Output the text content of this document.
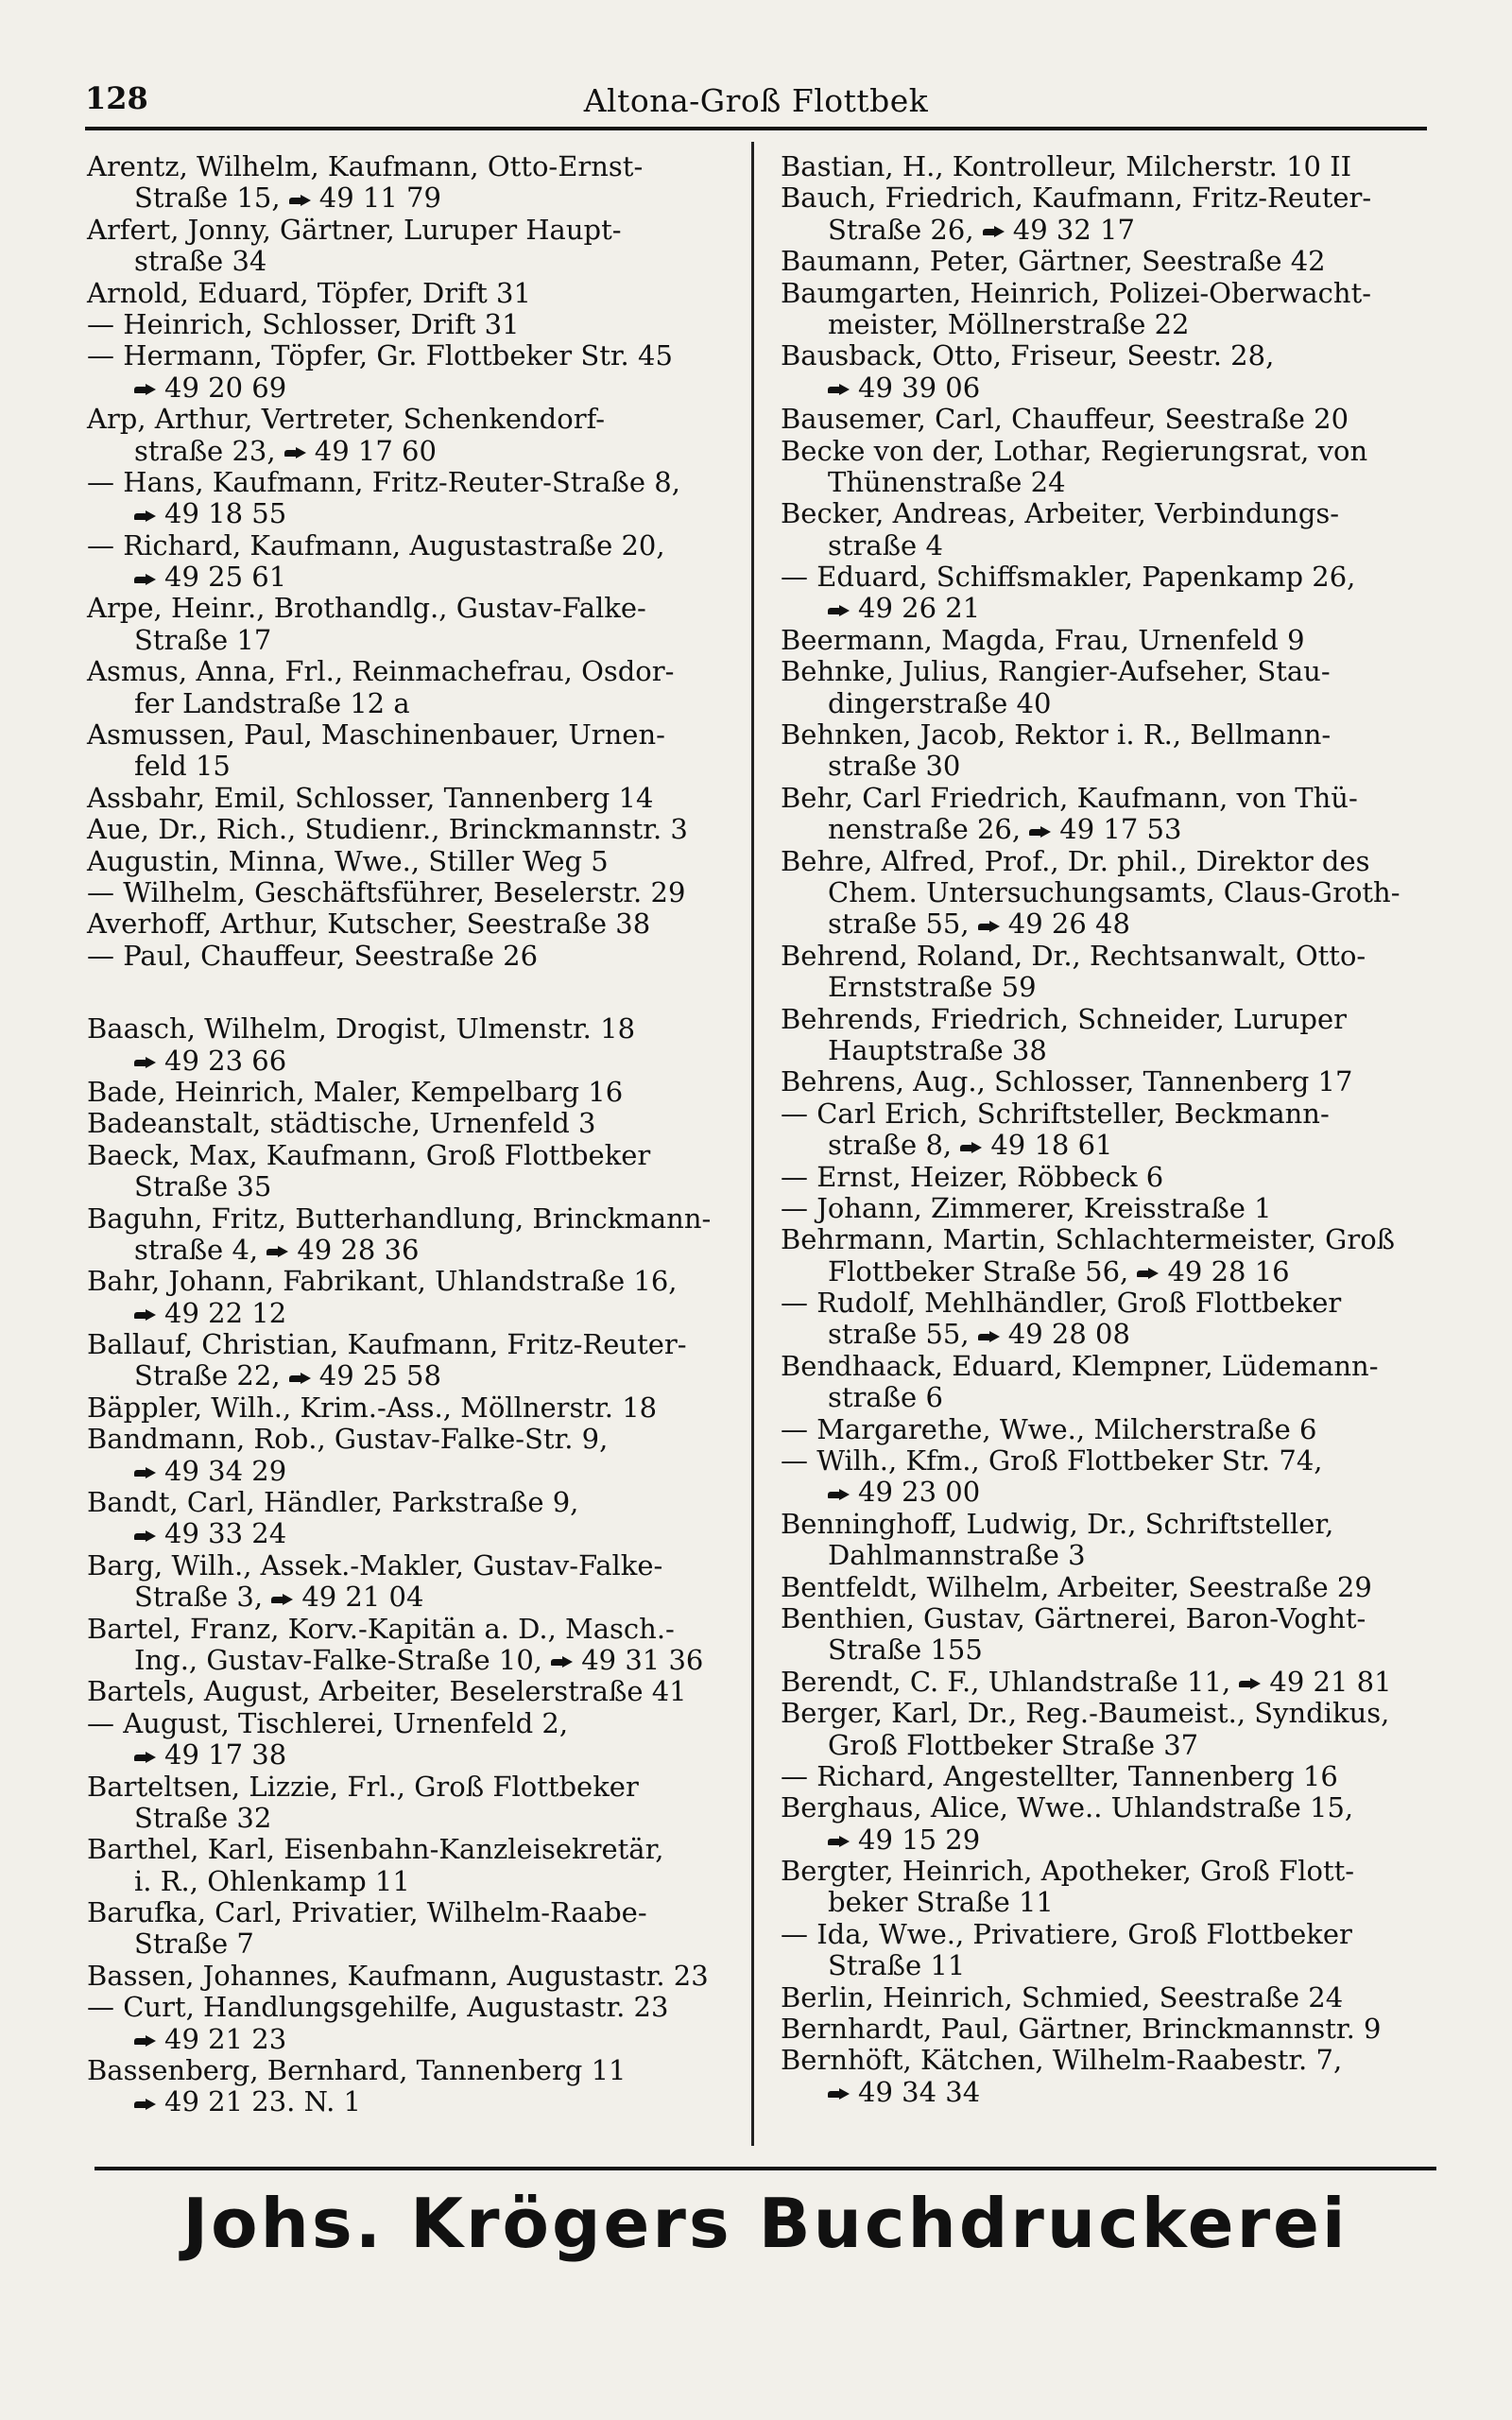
128	Altona-Groß Flottbek
Arentz, Wilhelm, Kaufmann, Otto-Ernst-
Straße 15, 49 11 79
Arfert, Jonny, Gärtner, Luruper Haupt-
straße 34
Arnold, Eduard, Töpfer, Drift 31
— Heinrich, Schlosser, Drift 31
— Hermann, Töpfer, Gr. Flottbeker Str. 45
49 20 69
Arp, Arthur, Vertreter, Schenkendorf-
straße 23, 49 17 60
— Hans, Kaufmann, Fritz-Reuter-Straße 8,
49 18 55
— Richard, Kaufmann, Augustastraße 20,
49 25 61
Arpe, Heinr., Brothandlg., Gustav-Falke-
Straße 17
Asmus, Anna, Frl., Reinmachefrau, Osdor-
fer Landstraße 12 a
Asmussen, Paul, Maschinenbauer, Urnen-
feld 15
Assbahr, Emil, Schlosser, Tannenberg 14
Aue, Dr., Rich., Studienr., Brinckmannstr. 3
Augustin, Minna, Wwe., Stiller Weg 5
— Wilhelm, Geschäftsführer, Beselerstr. 29
Averhoff, Arthur, Kutscher, Seestraße 38
— Paul, Chauffeur, Seestraße 26
Baasch, Wilhelm, Drogist, Ulmenstr. 18
49 23 66
Bade, Heinrich, Maler, Kempelbarg 16
Badeanstalt, städtische, Urnenfeld 3
Baeck, Max, Kaufmann, Groß Flottbeker
Straße 35
Baguhn, Fritz, Butterhandlung, Brinckmann-
straße 4, 49 28 36
Bahr, Johann, Fabrikant, Uhlandstraße 16,
49 22 12
Ballauf, Christian, Kaufmann, Fritz-Reuter-
Straße 22, 49 25 58
Bäppler, Wilh., Krim.-Ass., Möllnerstr. 18
Bandmann, Rob., Gustav-Falke-Str. 9,
49 34 29
Bandt, Carl, Händler, Parkstraße 9,
49 33 24
Barg, Wilh., Assek.-Makler, Gustav-Falke-
Straße 3, 49 21 04
Bartel, Franz, Korv.-Kapitän a. D., Masch.-
Ing., Gustav-Falke-Straße 10, 49 31 36
Bartels, August, Arbeiter, Beselerstraße 41
— August, Tischlerei, Urnenfeld 2,
49 17 38
Barteltsen, Lizzie, Frl., Groß Flottbeker
Straße 32
Barthel, Karl, Eisenbahn-Kanzleisekretär,
i. R., Ohlenkamp 11
Barufka, Carl, Privatier, Wilhelm-Raabe-
Straße 7
Bassen, Johannes, Kaufmann, Augustastr. 23
— Curt, Handlungsgehilfe, Augustastr. 23
49 21 23
Bassenberg, Bernhard, Tannenberg 11
49 21 23. N. 1
Bastian, H., Kontrolleur, Milcherstr. 10 II
Bauch, Friedrich, Kaufmann, Fritz-Reuter-
Straße 26, 49 32 17
Baumann, Peter, Gärtner, Seestraße 42
Baumgarten, Heinrich, Polizei-Oberwacht-
meister, Möllnerstraße 22
Bausback, Otto, Friseur, Seestr. 28,
49 39 06
Bausemer, Carl, Chauffeur, Seestraße 20
Becke von der, Lothar, Regierungsrat, von
Thünenstraße 24
Becker, Andreas, Arbeiter, Verbindungs-
straße 4
— Eduard, Schiffsmakler, Papenkamp 26,
49 26 21
Beermann, Magda, Frau, Urnenfeld 9
Behnke, Julius, Rangier-Aufseher, Stau-
dingerstraße 40
Behnken, Jacob, Rektor i. R., Bellmann-
straße 30
Behr, Carl Friedrich, Kaufmann, von Thü-
nenstraße 26, 49 17 53
Behre, Alfred, Prof., Dr. phil., Direktor des
Chem. Untersuchungsamts, Claus-Groth-
straße 55, 49 26 48
Behrend, Roland, Dr., Rechtsanwalt, Otto-
Ernststraße 59
Behrends, Friedrich, Schneider, Luruper
Hauptstraße 38
Behrens, Aug., Schlosser, Tannenberg 17
— Carl Erich, Schriftsteller, Beckmann-
straße 8, 49 18 61
— Ernst, Heizer, Röbbeck 6
— Johann, Zimmerer, Kreisstraße 1
Behrmann, Martin, Schlachtermeister, Groß
Flottbeker Straße 56, 49 28 16
— Rudolf, Mehlhändler, Groß Flottbeker
straße 55, 49 28 08
Bendhaack, Eduard, Klempner, Lüdemann-
straße 6
— Margarethe, Wwe., Milcherstraße 6
— Wilh., Kfm., Groß Flottbeker Str. 74,
49 23 00
Benninghoff, Ludwig, Dr., Schriftsteller,
Dahlmannstraße 3
Bentfeldt, Wilhelm, Arbeiter, Seestraße 29
Benthien, Gustav, Gärtnerei, Baron-Voght-
Straße 155
Berendt, C. F., Uhlandstraße 11, 49 21 81
Berger, Karl, Dr., Reg.-Baumeist., Syndikus,
Groß Flottbeker Straße 37
— Richard, Angestellter, Tannenberg 16
Berghaus, Alice, Wwe.. Uhlandstraße 15,
49 15 29
Bergter, Heinrich, Apotheker, Groß Flott-
beker Straße 11
— Ida, Wwe., Privatiere, Groß Flottbeker
Straße 11
Berlin, Heinrich, Schmied, Seestraße 24
Bernhardt, Paul, Gärtner, Brinckmannstr. 9
Bernhöft, Kätchen, Wilhelm-Raabestr. 7,
49 34 34
Johs. Krögers Buchdruckerei
